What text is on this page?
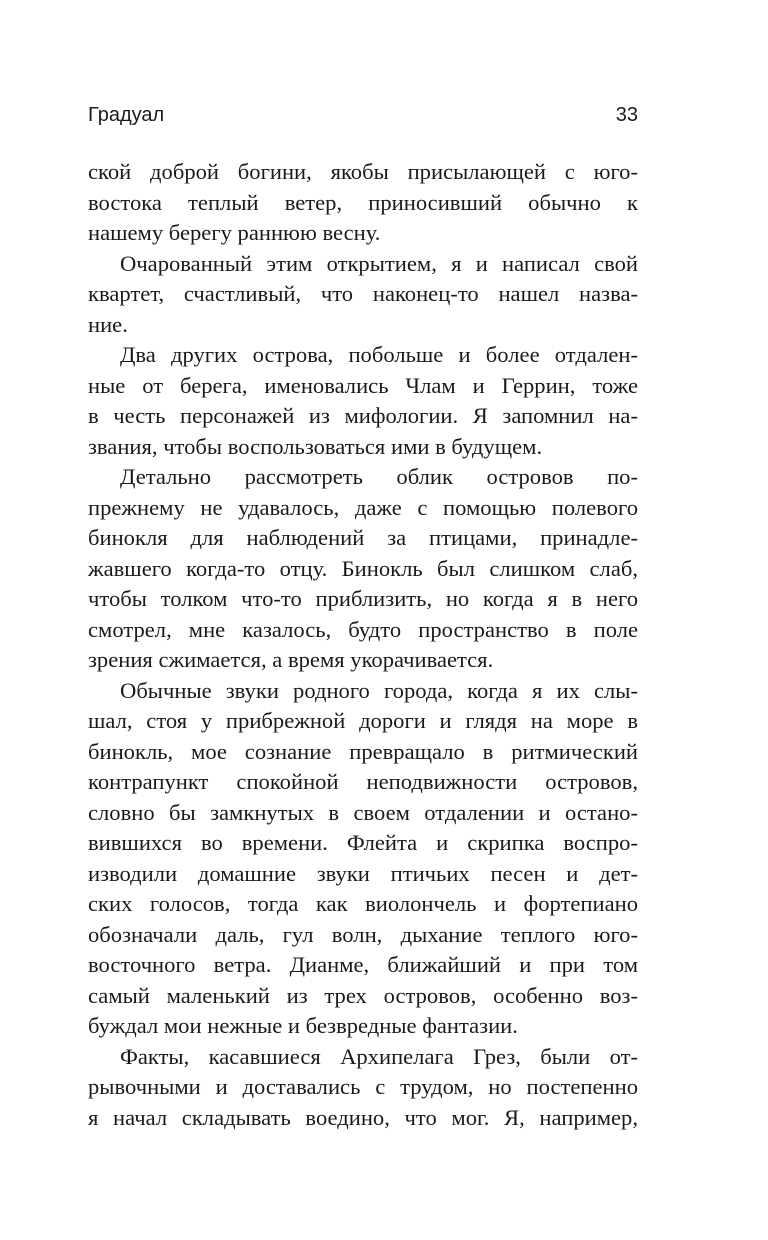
Градуал	33
ской доброй богини, якобы присылающей с юго-
востока теплый ветер, приносивший обычно к
нашему берегу раннюю весну.
Очарованный этим открытием, я и написал свой
квартет, счастливый, что наконец-то нашел назва-
ние.
Два других острова, побольше и более отдален-
ные от берега, именовались Члам и Геррин, тоже
в честь персонажей из мифологии. Я запомнил на-
звания, чтобы воспользоваться ими в будущем.
Детально рассмотреть облик островов по-
прежнему не удавалось, даже с помощью полевого
бинокля для наблюдений за птицами, принадле-
жавшего когда-то отцу. Бинокль был слишком слаб,
чтобы толком что-то приблизить, но когда я в него
смотрел, мне казалось, будто пространство в поле
зрения сжимается, а время укорачивается.
Обычные звуки родного города, когда я их слы-
шал, стоя у прибрежной дороги и глядя на море в
бинокль, мое сознание превращало в ритмический
контрапункт спокойной неподвижности островов,
словно бы замкнутых в своем отдалении и остано-
вившихся во времени. Флейта и скрипка воспро-
изводили домашние звуки птичьих песен и дет-
ских голосов, тогда как виолончель и фортепиано
обозначали даль, гул волн, дыхание теплого юго-
восточного ветра. Дианме, ближайший и при том
самый маленький из трех островов, особенно воз-
буждал мои нежные и безвредные фантазии.
Факты, касавшиеся Архипелага Грез, были от-
рывочными и доставались с трудом, но постепенно
я начал складывать воедино, что мог. Я, например,
